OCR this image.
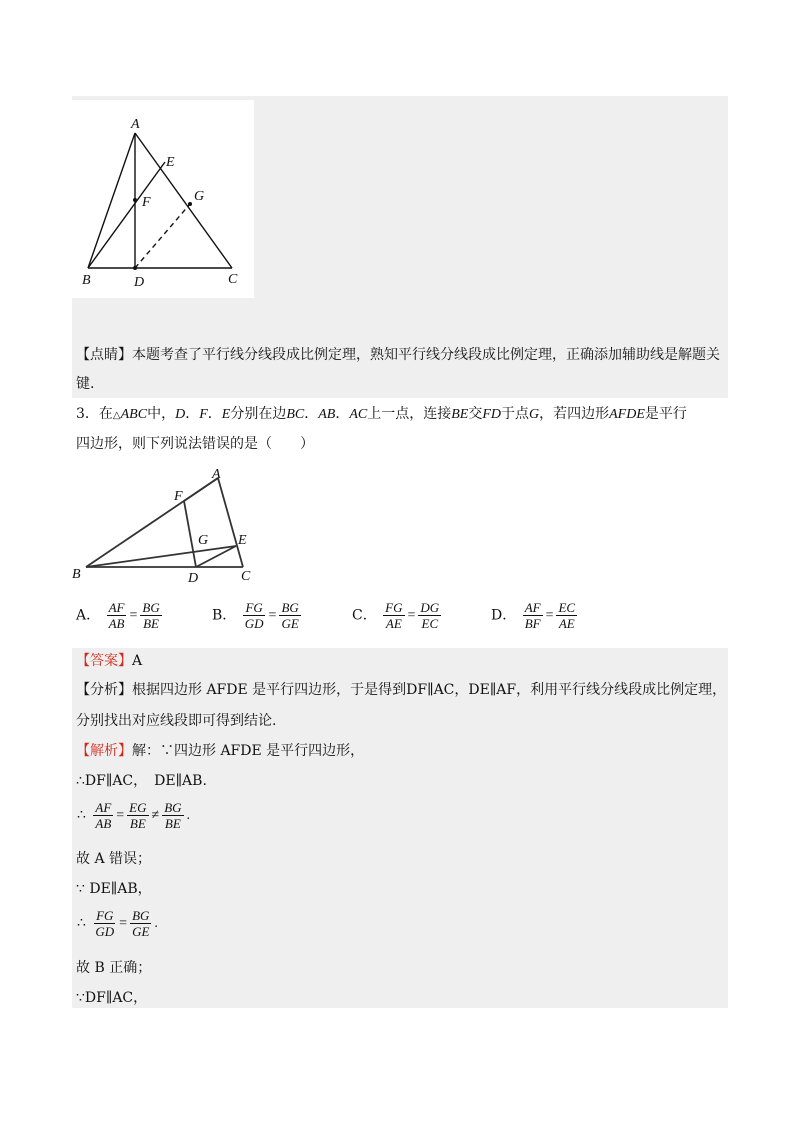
A
E
F	G
B	D	C
【点睛】本题考查了平行线分线段成比例定理，熟知平行线分线段成比例定理，正确添加辅助线是解题关
键.
3．在△ABC中，D．F．E分别在边BC．AB．AC上一点，连接BE交FD于点G，若四边形AFDE是平行
四边形，则下列说法错误的是（　　）
A
F
G E
B	D	C
A． $\frac{AF}{AB} = \frac{BG}{BE}$	B． $\frac{FG}{GD} = \frac{BG}{GE}$	C． $\frac{FG}{AE} = \frac{DG}{EC}$	D． $\frac{AF}{BF} = \frac{EC}{AE}$
【答案】A
【分析】根据四边形 AFDE 是平行四边形，于是得到DF∥AC，DE∥AF，利用平行线分线段成比例定理，
分别找出对应线段即可得到结论.
【解析】解：∵四边形 AFDE 是平行四边形，
∴DF∥AC，　DE∥AB.
∴ $\frac{AF}{AB} = \frac{EG}{BE} \ne \frac{BG}{BE}$ .
故 A 错误；
∵ DE∥AB，
∴ $\frac{FG}{GD} = \frac{BG}{GE}$ .
故 B 正确；
∵DF∥AC，
